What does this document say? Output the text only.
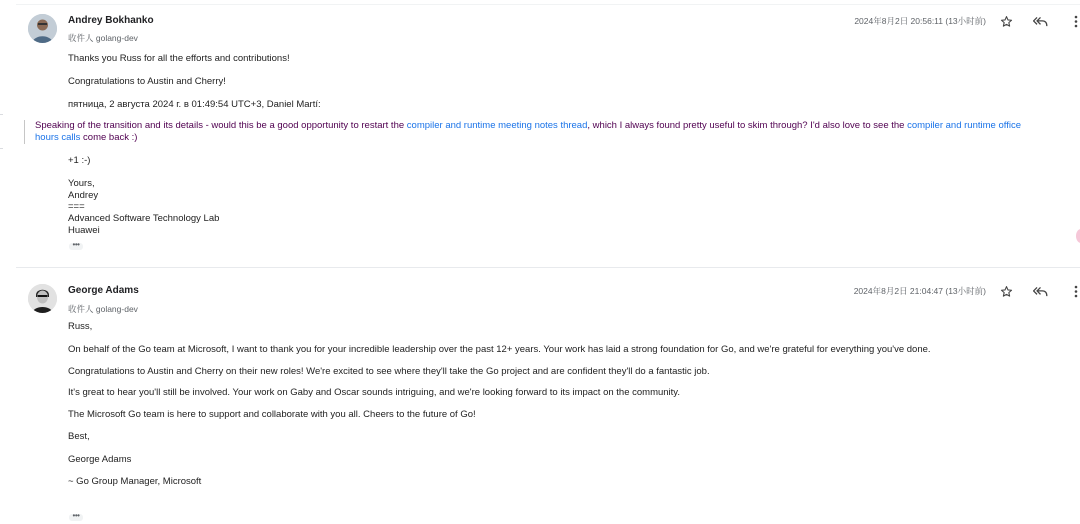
Andrey Bokhanko
收件人 golang-dev
2024年8月2日 20:56:11 (13小时前)
Thanks you Russ for all the efforts and contributions!
Congratulations to Austin and Cherry!
пятница, 2 августа 2024 г. в 01:49:54 UTC+3, Daniel Martí:
Speaking of the transition and its details - would this be a good opportunity to restart the compiler and runtime meeting notes thread, which I always found pretty useful to skim through? I'd also love to see the compiler and runtime office hours calls come back :)
+1 :-)
Yours,
Andrey
===
Advanced Software Technology Lab
Huawei
•••
George Adams
收件人 golang-dev
2024年8月2日 21:04:47 (13小时前)
Russ,
On behalf of the Go team at Microsoft, I want to thank you for your incredible leadership over the past 12+ years. Your work has laid a strong foundation for Go, and we're grateful for everything you've done.
Congratulations to Austin and Cherry on their new roles! We're excited to see where they'll take the Go project and are confident they'll do a fantastic job.
It's great to hear you'll still be involved. Your work on Gaby and Oscar sounds intriguing, and we're looking forward to its impact on the community.
The Microsoft Go team is here to support and collaborate with you all. Cheers to the future of Go!
Best,
George Adams
~ Go Group Manager, Microsoft
•••
